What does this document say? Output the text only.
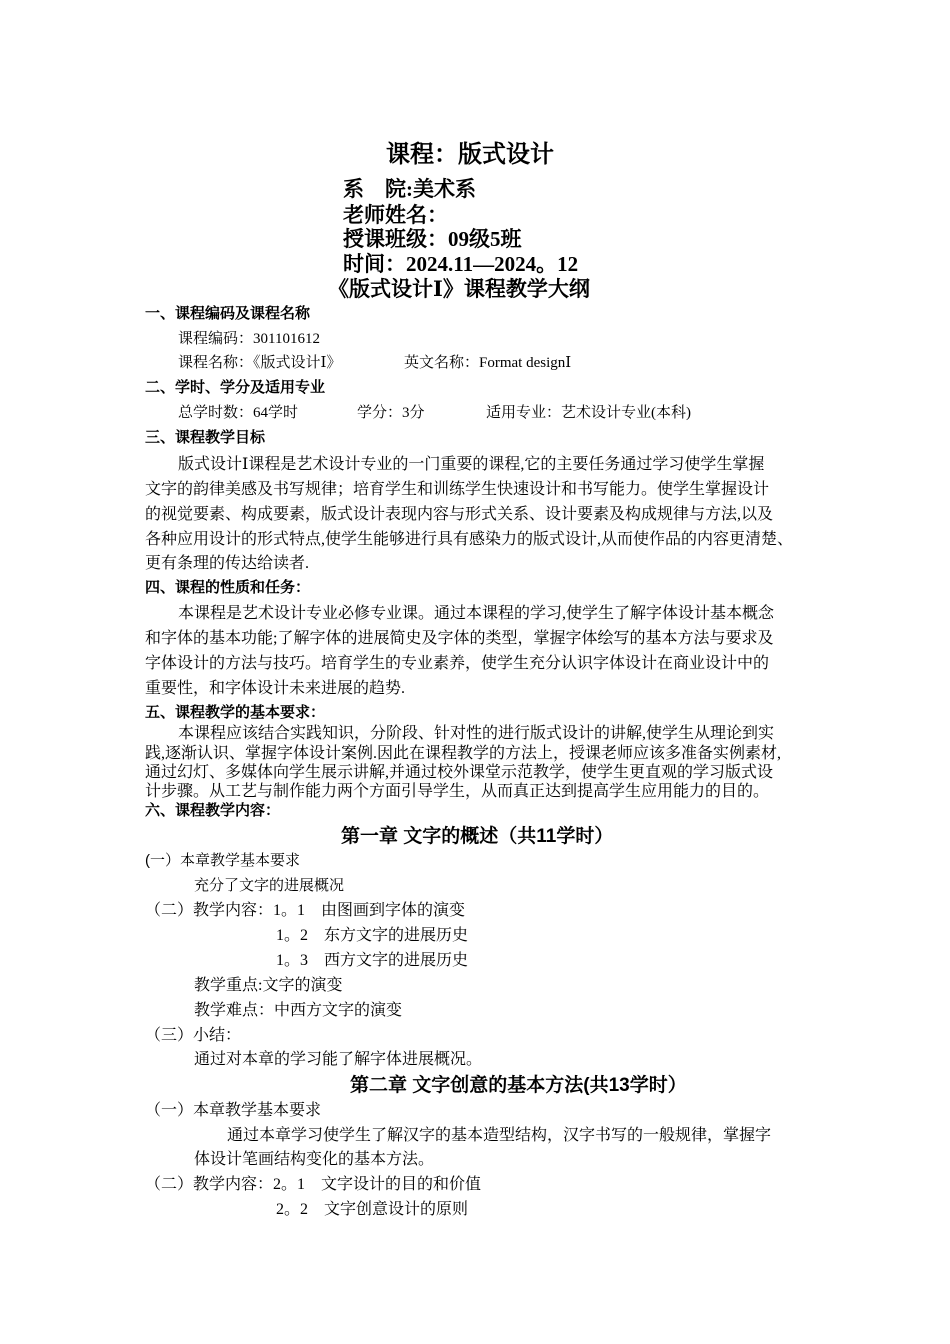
课程：版式设计
系　院:美术系
老师姓名：
授课班级：09级5班
时间：2024.11—2024。12
《版式设计Ⅰ》课程教学大纲
一、课程编码及课程名称
课程编码：301101612
课程名称：《版式设计Ⅰ》	英文名称：Format designⅠ
二、学时、学分及适用专业
总学时数：64学时	学分：3分	适用专业：艺术设计专业(本科)
三、课程教学目标
版式设计Ⅰ课程是艺术设计专业的一门重要的课程,它的主要任务通过学习使学生掌握
文字的韵律美感及书写规律；培育学生和训练学生快速设计和书写能力。使学生掌握设计
的视觉要素、构成要素，版式设计表现内容与形式关系、设计要素及构成规律与方法,以及
各种应用设计的形式特点,使学生能够进行具有感染力的版式设计,从而使作品的内容更清楚、
更有条理的传达给读者.
四、课程的性质和任务：
本课程是艺术设计专业必修专业课。通过本课程的学习,使学生了解字体设计基本概念
和字体的基本功能;了解字体的进展简史及字体的类型，掌握字体绘写的基本方法与要求及
字体设计的方法与技巧。培育学生的专业素养，使学生充分认识字体设计在商业设计中的
重要性，和字体设计未来进展的趋势.
五、课程教学的基本要求：
本课程应该结合实践知识，分阶段、针对性的进行版式设计的讲解,使学生从理论到实
践,逐渐认识、掌握字体设计案例.因此在课程教学的方法上，授课老师应该多准备实例素材,
通过幻灯、多媒体向学生展示讲解,并通过校外课堂示范教学，使学生更直观的学习版式设
计步骤。从工艺与制作能力两个方面引导学生，从而真正达到提高学生应用能力的目的。
六、课程教学内容：
第一章 文字的概述（共11学时）
(一）本章教学基本要求
充分了文字的进展概况
（二）教学内容：1。1　由图画到字体的演变
1。2　东方文字的进展历史
1。3　西方文字的进展历史
教学重点:文字的演变
教学难点：中西方文字的演变
（三）小结：
通过对本章的学习能了解字体进展概况。
第二章 文字创意的基本方法(共13学时）
（一）本章教学基本要求
通过本章学习使学生了解汉字的基本造型结构，汉字书写的一般规律，掌握字
体设计笔画结构变化的基本方法。
（二）教学内容：2。1　文字设计的目的和价值
2。2　文字创意设计的原则
